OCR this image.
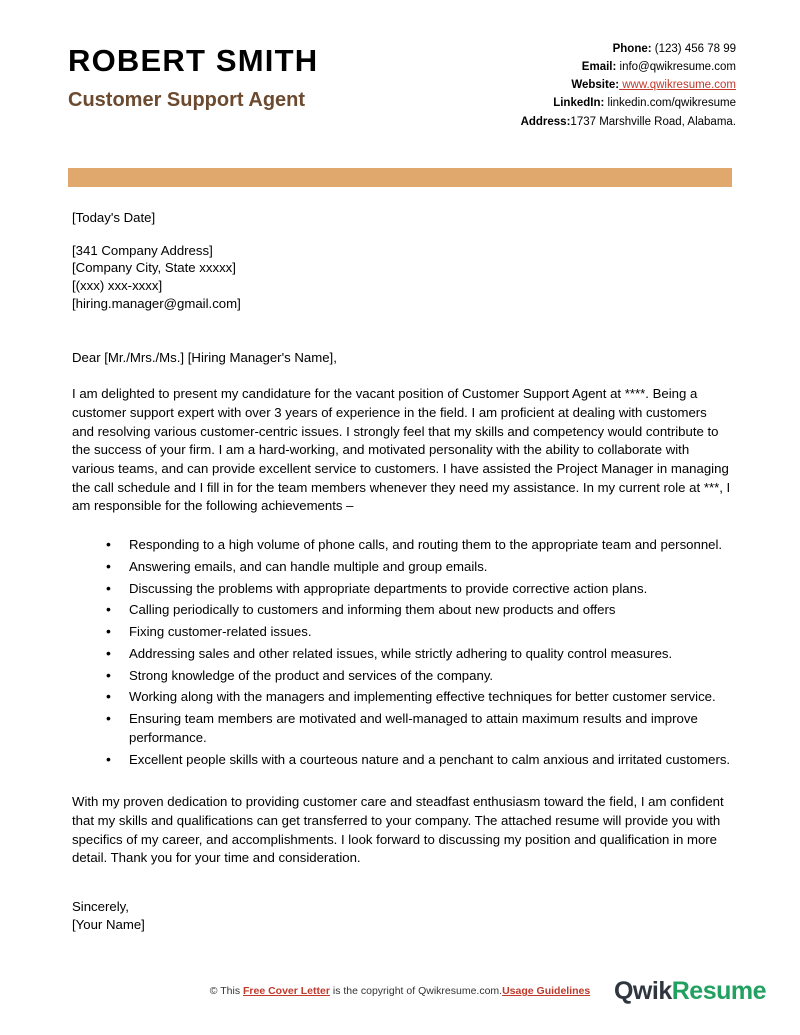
ROBERT SMITH
Customer Support Agent
Phone: (123) 456 78 99
Email: info@qwikresume.com
Website: www.qwikresume.com
LinkedIn: linkedin.com/qwikresume
Address:1737 Marshville Road, Alabama.
[Today's Date]
[341 Company Address]
[Company City, State xxxxx]
[(xxx) xxx-xxxx]
[hiring.manager@gmail.com]
Dear [Mr./Mrs./Ms.] [Hiring Manager's Name],
I am delighted to present my candidature for the vacant position of Customer Support Agent at ****. Being a customer support expert with over 3 years of experience in the field. I am proficient at dealing with customers and resolving various customer-centric issues. I strongly feel that my skills and competency would contribute to the success of your firm. I am a hard-working, and motivated personality with the ability to collaborate with various teams, and can provide excellent service to customers. I have assisted the Project Manager in managing the call schedule and I fill in for the team members whenever they need my assistance. In my current role at ***, I am responsible for the following achievements –
• Responding to a high volume of phone calls, and routing them to the appropriate team and personnel.
• Answering emails, and can handle multiple and group emails.
• Discussing the problems with appropriate departments to provide corrective action plans.
• Calling periodically to customers and informing them about new products and offers
• Fixing customer-related issues.
• Addressing sales and other related issues, while strictly adhering to quality control measures.
• Strong knowledge of the product and services of the company.
• Working along with the managers and implementing effective techniques for better customer service.
• Ensuring team members are motivated and well-managed to attain maximum results and improve performance.
• Excellent people skills with a courteous nature and a penchant to calm anxious and irritated customers.
With my proven dedication to providing customer care and steadfast enthusiasm toward the field, I am confident that my skills and qualifications can get transferred to your company. The attached resume will provide you with specifics of my career, and accomplishments. I look forward to discussing my position and qualification in more detail. Thank you for your time and consideration.
Sincerely,
[Your Name]
© This Free Cover Letter is the copyright of Qwikresume.com.Usage Guidelines QwikResume
